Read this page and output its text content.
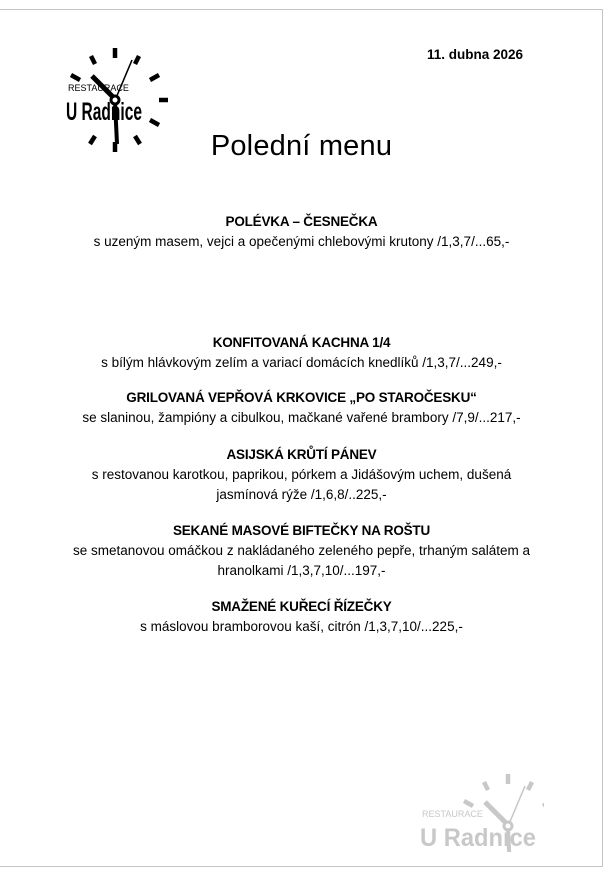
RESTAURACE
U Radnice
11. dubna 2026
Polední menu
POLÉVKA – ČESNEČKA
s uzeným masem, vejci a opečenými chlebovými krutony /1,3,7/...65,-
KONFITOVANÁ KACHNA 1/4
s bílým hlávkovým zelím a variací domácích knedlíků /1,3,7/...249,-
GRILOVANÁ VEPŘOVÁ KRKOVICE „PO STAROČESKU“
se slaninou, žampióny a cibulkou, mačkané vařené brambory /7,9/...217,-
ASIJSKÁ KRŮTÍ PÁNEV
s restovanou karotkou, paprikou, pórkem a Jidášovým uchem, dušená jasmínová rýže /1,6,8/..225,-
SEKANÉ MASOVÉ BIFTEČKY NA ROŠTU
se smetanovou omáčkou z nakládaného zeleného pepře, trhaným salátem a hranolkami /1,3,7,10/...197,-
SMAŽENÉ KUŘECÍ ŘÍZEČKY
s máslovou bramborovou kaší, citrón /1,3,7,10/...225,-
RESTAURACE
U Radnice
